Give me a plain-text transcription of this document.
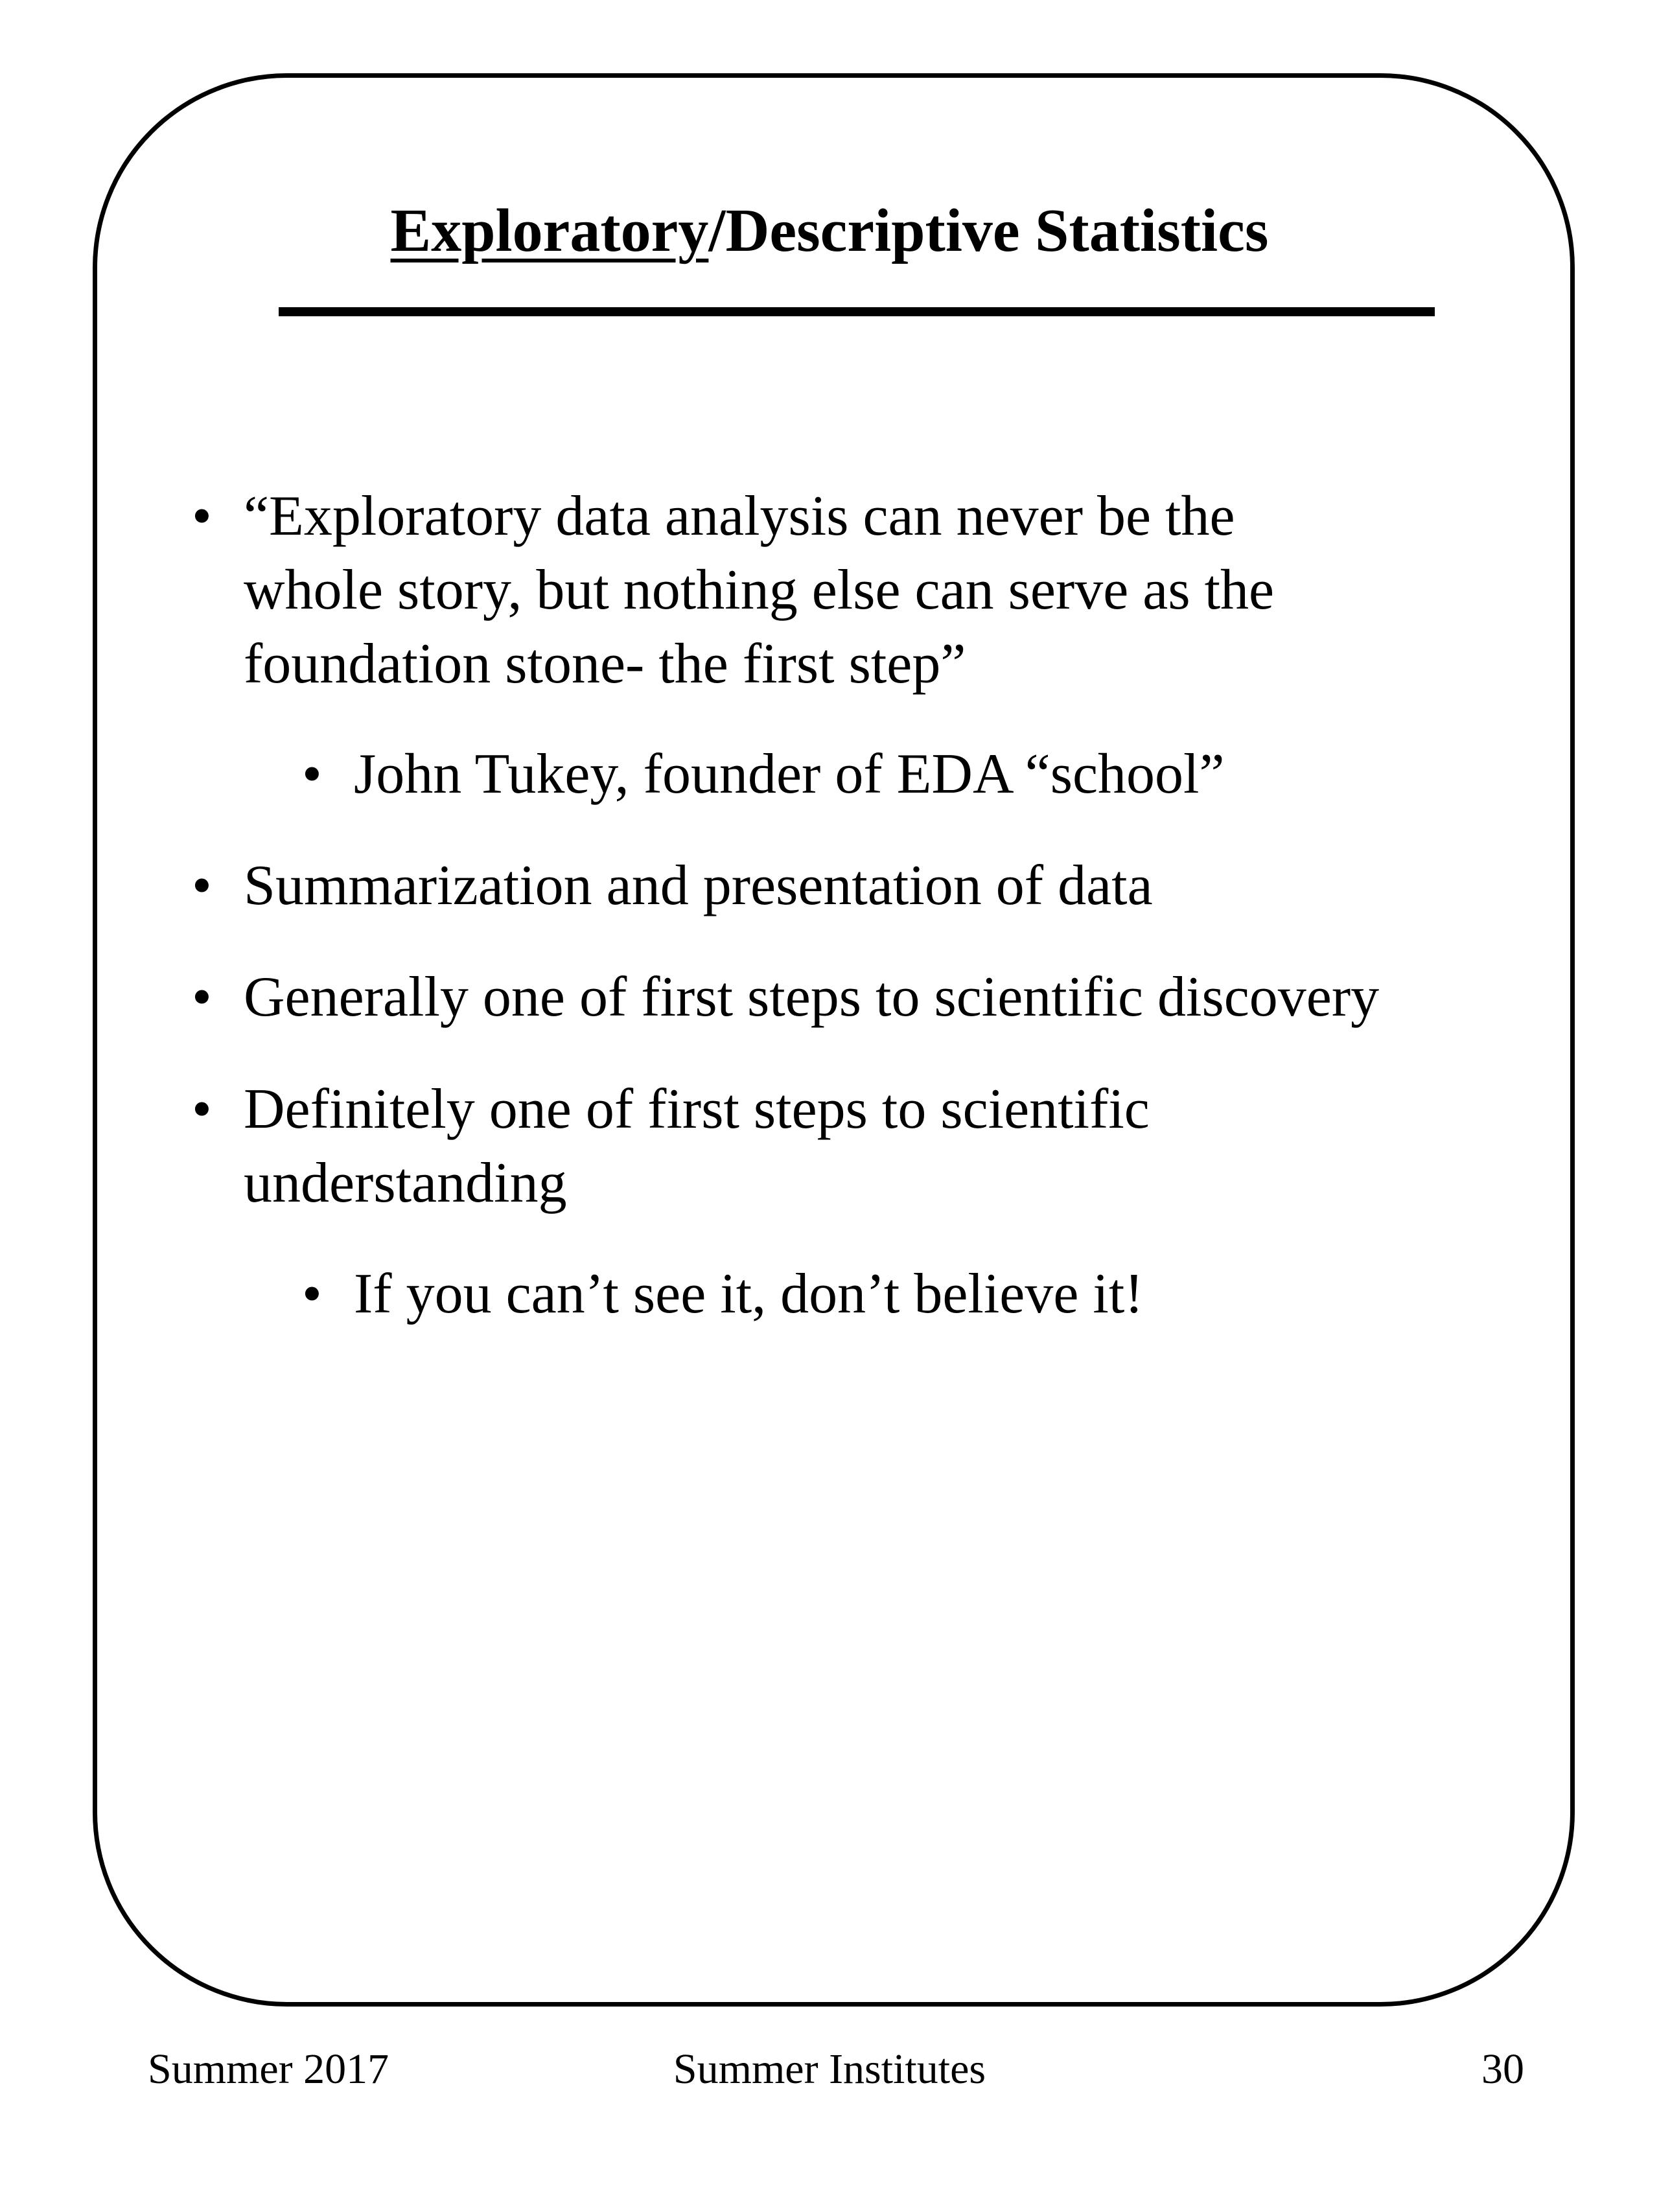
Exploratory/Descriptive Statistics
• “Exploratory data analysis can never be the
whole story, but nothing else can serve as the
foundation stone- the first step”
• John Tukey, founder of EDA “school”
• Summarization and presentation of data
• Generally one of first steps to scientific discovery
• Definitely one of first steps to scientific
understanding
• If you can’t see it, don’t believe it!
Summer 2017	Summer Institutes	30
